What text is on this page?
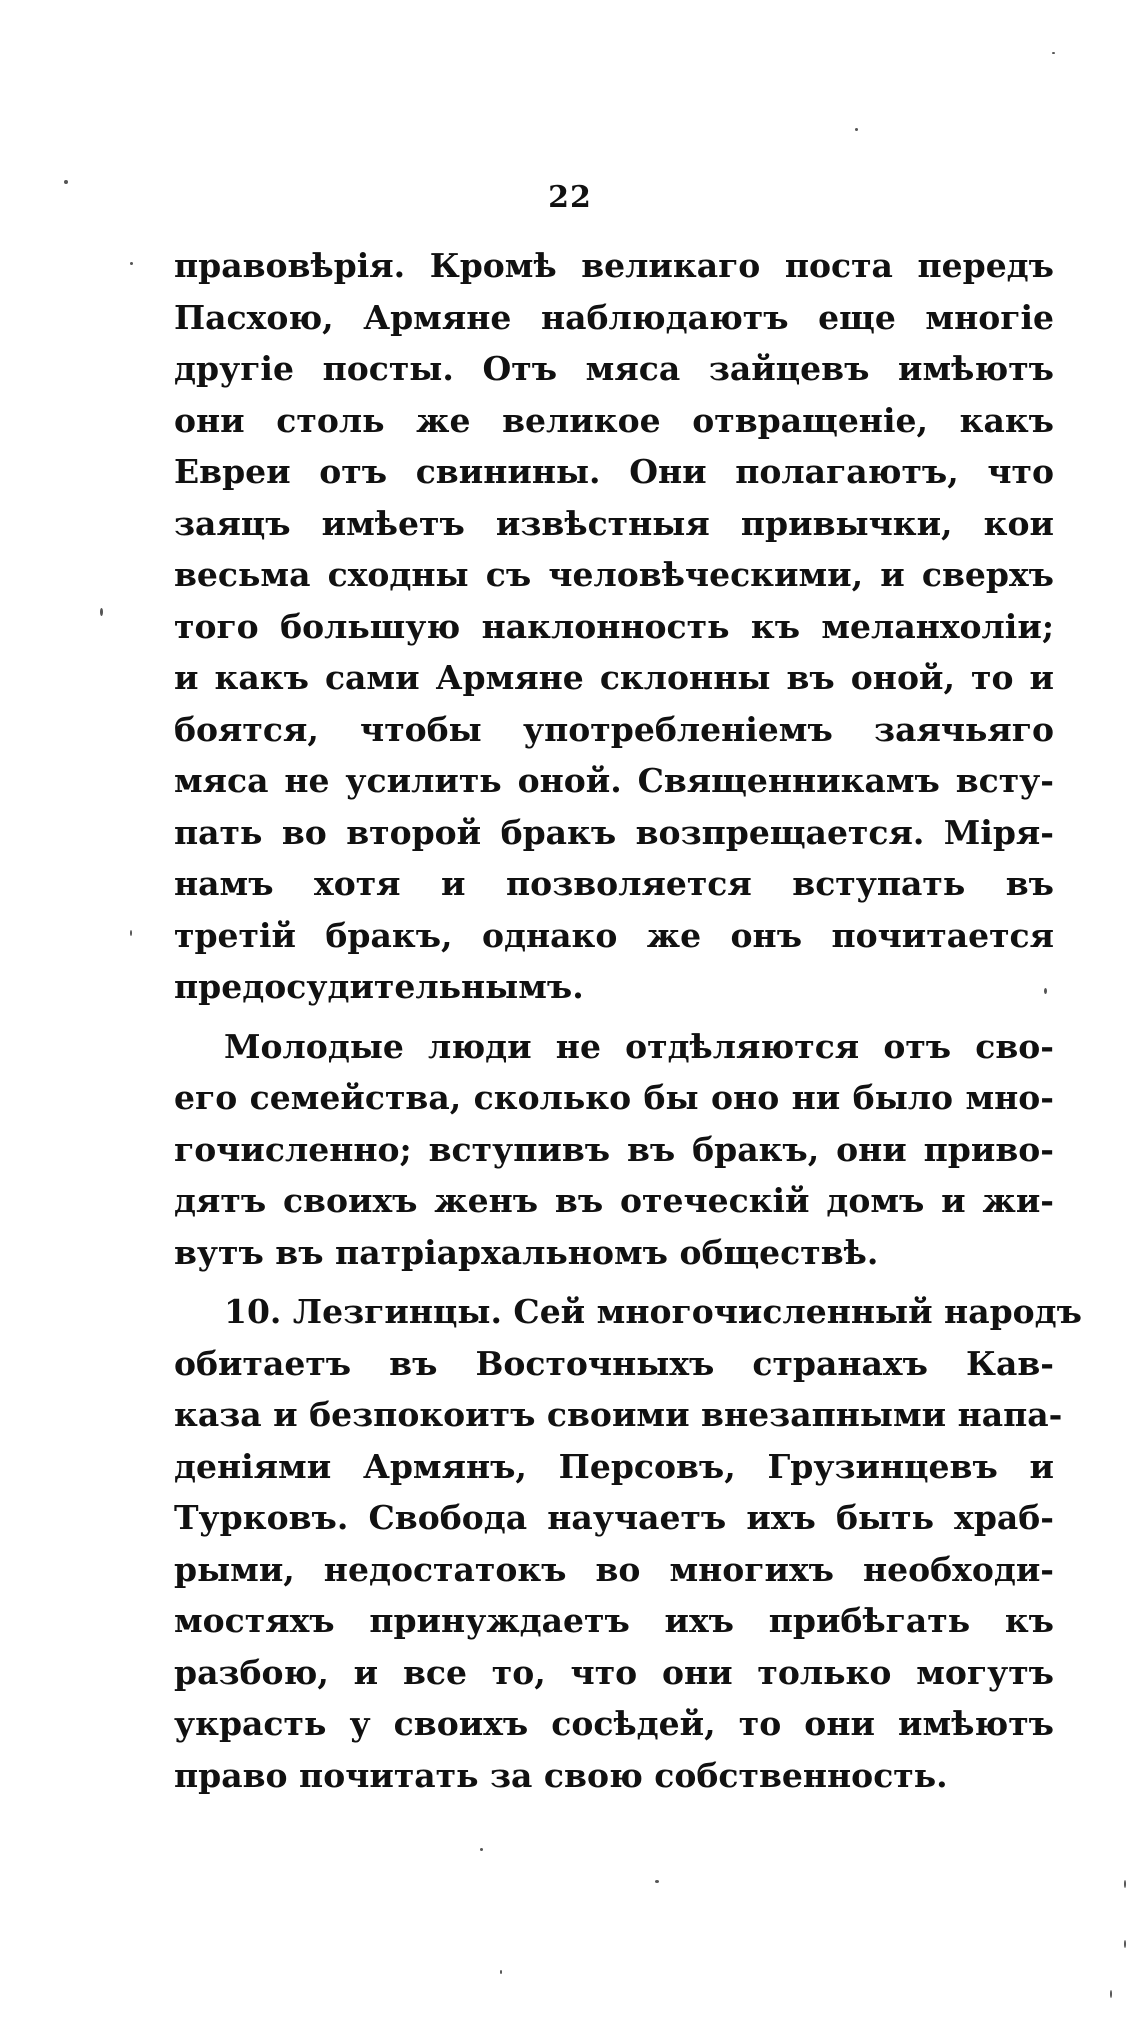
22
правовѣрія. Кромѣ великаго поста передъ
Пасхою, Армяне наблюдаютъ еще многіе
другіе посты. Отъ мяса зайцевъ имѣютъ
они столь же великое отвращеніе, какъ
Евреи отъ свинины. Они полагаютъ, что
заяцъ имѣетъ извѣстныя привычки, кои
весьма сходны съ человѣческими, и сверхъ
того большую наклонность къ меланхоліи;
и какъ сами Армяне склонны въ оной, то и
боятся, чтобы употребленіемъ заячьяго
мяса не усилить оной. Священникамъ всту-
пать во второй бракъ возпрещается. Міря-
намъ хотя и позволяется вступать въ
третій бракъ, однако же онъ почитается
предосудительнымъ.
Молодые люди не отдѣляются отъ сво-
его семейства, сколько бы оно ни было мно-
гочисленно; вступивъ въ бракъ, они приво-
дятъ своихъ женъ въ отеческій домъ и жи-
вутъ въ патріархальномъ обществѣ.
10. Лезгинцы. Сей многочисленный народъ
обитаетъ въ Восточныхъ странахъ Кав-
каза и безпокоитъ своими внезапными напа-
деніями Армянъ, Персовъ, Грузинцевъ и
Турковъ. Свобода научаетъ ихъ быть храб-
рыми, недостатокъ во многихъ необходи-
мостяхъ принуждаетъ ихъ прибѣгать къ
разбою, и все то, что они только могутъ
украсть у своихъ сосѣдей, то они имѣютъ
право почитать за свою собственность.
